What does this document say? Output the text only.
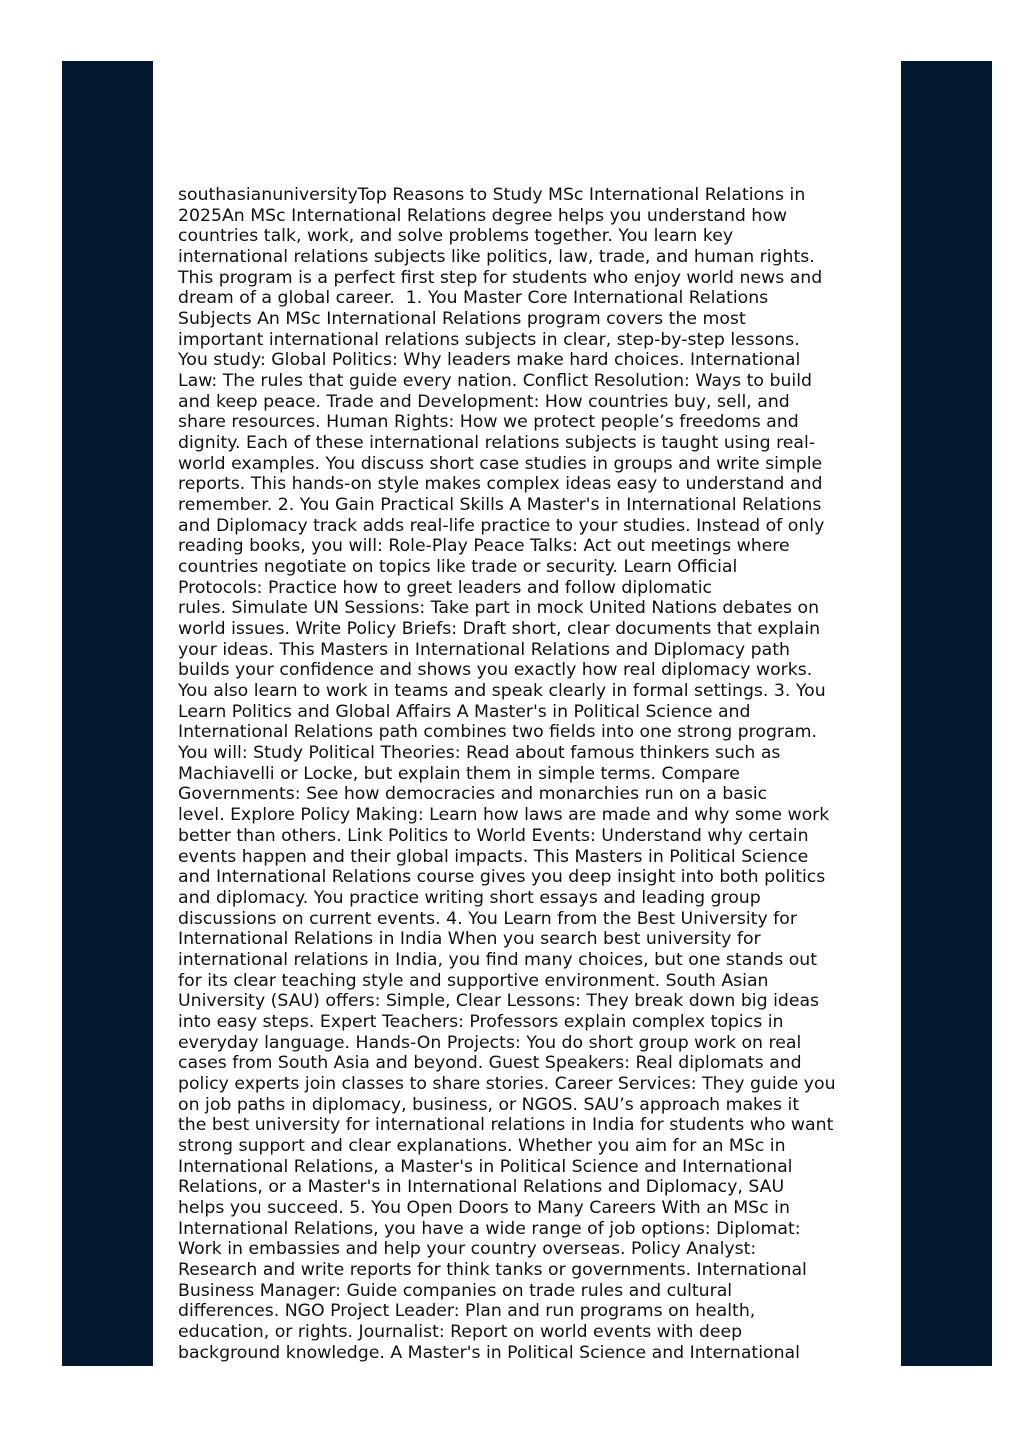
southasianuniversityTop Reasons to Study MSc International Relations in
2025An MSc International Relations degree helps you understand how
countries talk, work, and solve problems together. You learn key
international relations subjects like politics, law, trade, and human rights.
This program is a perfect first step for students who enjoy world news and
dream of a global career.  1. You Master Core International Relations
Subjects An MSc International Relations program covers the most
important international relations subjects in clear, step-by-step lessons.
You study: Global Politics: Why leaders make hard choices. International
Law: The rules that guide every nation. Conflict Resolution: Ways to build
and keep peace. Trade and Development: How countries buy, sell, and
share resources. Human Rights: How we protect people’s freedoms and
dignity. Each of these international relations subjects is taught using real-
world examples. You discuss short case studies in groups and write simple
reports. This hands-on style makes complex ideas easy to understand and
remember. 2. You Gain Practical Skills A Master's in International Relations
and Diplomacy track adds real-life practice to your studies. Instead of only
reading books, you will: Role-Play Peace Talks: Act out meetings where
countries negotiate on topics like trade or security. Learn Official
Protocols: Practice how to greet leaders and follow diplomatic
rules. Simulate UN Sessions: Take part in mock United Nations debates on
world issues. Write Policy Briefs: Draft short, clear documents that explain
your ideas. This Masters in International Relations and Diplomacy path
builds your confidence and shows you exactly how real diplomacy works.
You also learn to work in teams and speak clearly in formal settings. 3. You
Learn Politics and Global Affairs A Master's in Political Science and
International Relations path combines two fields into one strong program.
You will: Study Political Theories: Read about famous thinkers such as
Machiavelli or Locke, but explain them in simple terms. Compare
Governments: See how democracies and monarchies run on a basic
level. Explore Policy Making: Learn how laws are made and why some work
better than others. Link Politics to World Events: Understand why certain
events happen and their global impacts. This Masters in Political Science
and International Relations course gives you deep insight into both politics
and diplomacy. You practice writing short essays and leading group
discussions on current events. 4. You Learn from the Best University for
International Relations in India When you search best university for
international relations in India, you find many choices, but one stands out
for its clear teaching style and supportive environment. South Asian
University (SAU) offers: Simple, Clear Lessons: They break down big ideas
into easy steps. Expert Teachers: Professors explain complex topics in
everyday language. Hands-On Projects: You do short group work on real
cases from South Asia and beyond. Guest Speakers: Real diplomats and
policy experts join classes to share stories. Career Services: They guide you
on job paths in diplomacy, business, or NGOS. SAU’s approach makes it
the best university for international relations in India for students who want
strong support and clear explanations. Whether you aim for an MSc in
International Relations, a Master's in Political Science and International
Relations, or a Master's in International Relations and Diplomacy, SAU
helps you succeed. 5. You Open Doors to Many Careers With an MSc in
International Relations, you have a wide range of job options: Diplomat:
Work in embassies and help your country overseas. Policy Analyst:
Research and write reports for think tanks or governments. International
Business Manager: Guide companies on trade rules and cultural
differences. NGO Project Leader: Plan and run programs on health,
education, or rights. Journalist: Report on world events with deep
background knowledge. A Master's in Political Science and International
